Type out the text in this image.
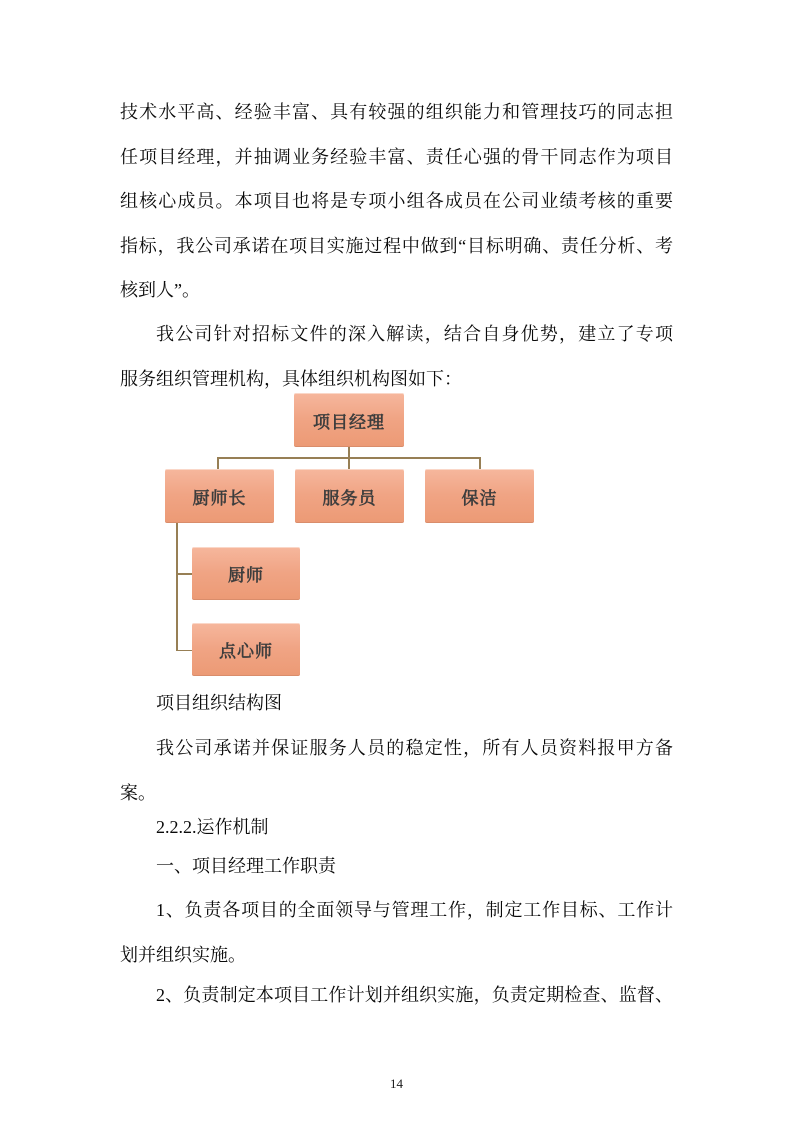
技术水平高、经验丰富、具有较强的组织能力和管理技巧的同志担
任项目经理，并抽调业务经验丰富、责任心强的骨干同志作为项目
组核心成员。本项目也将是专项小组各成员在公司业绩考核的重要
指标，我公司承诺在项目实施过程中做到“目标明确、责任分析、考
核到人”。
我公司针对招标文件的深入解读，结合自身优势，建立了专项
服务组织管理机构，具体组织机构图如下：
项目经理
厨师长	服务员	保洁
厨师
点心师
项目组织结构图
我公司承诺并保证服务人员的稳定性，所有人员资料报甲方备
案。
2.2.2.运作机制
一、项目经理工作职责
1、负责各项目的全面领导与管理工作，制定工作目标、工作计
划并组织实施。
2、负责制定本项目工作计划并组织实施，负责定期检查、监督、
14
